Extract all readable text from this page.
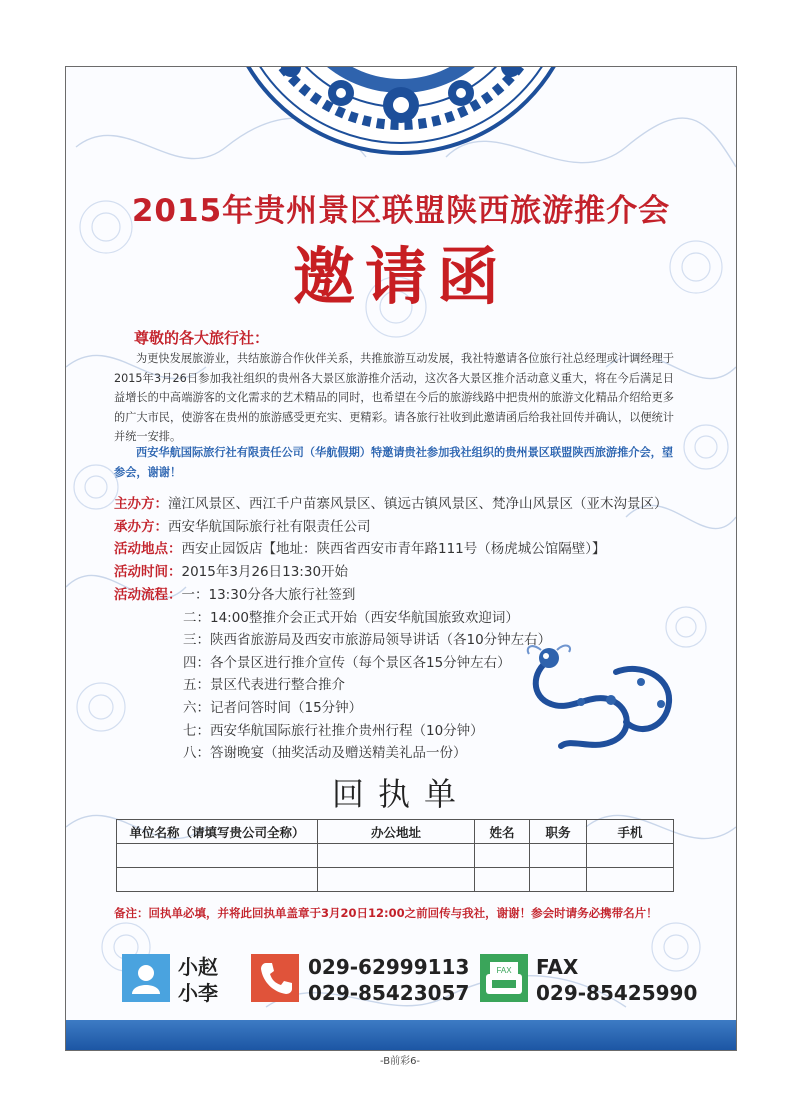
2015年贵州景区联盟陕西旅游推介会
邀请函
尊敬的各大旅行社：
为更快发展旅游业，共结旅游合作伙伴关系，共推旅游互动发展，我社特邀请各位旅行社总经理或计调经理于2015年3月26日参加我社组织的贵州各大景区旅游推介活动，这次各大景区推介活动意义重大，将在今后满足日益增长的中高端游客的文化需求的艺术精品的同时，也希望在今后的旅游线路中把贵州的旅游文化精品介绍给更多的广大市民，使游客在贵州的旅游感受更充实、更精彩。请各旅行社收到此邀请函后给我社回传并确认，以便统计并统一安排。
西安华航国际旅行社有限责任公司（华航假期）特邀请贵社参加我社组织的贵州景区联盟陕西旅游推介会，望参会，谢谢！
主办方：潼江风景区、西江千户苗寨风景区、镇远古镇风景区、梵净山风景区（亚木沟景区）
承办方：西安华航国际旅行社有限责任公司
活动地点：西安止园饭店【地址：陕西省西安市青年路111号（杨虎城公馆隔壁）】
活动时间：2015年3月26日13:30开始
活动流程：一：13:30分各大旅行社签到
二：14:00整推介会正式开始（西安华航国旅致欢迎词）
三：陕西省旅游局及西安市旅游局领导讲话（各10分钟左右）
四：各个景区进行推介宣传（每个景区各15分钟左右）
五：景区代表进行整合推介
六：记者问答时间（15分钟）
七：西安华航国际旅行社推介贵州行程（10分钟）
八：答谢晚宴（抽奖活动及赠送精美礼品一份）
回执单
单位名称（请填写贵公司全称）	办公地址	姓名	职务	手机

备注：回执单必填，并将此回执单盖章于3月20日12:00之前回传与我社，谢谢！参会时请务必携带名片！
小赵
小李
029-62999113
029-85423057
FAX FAX
029-85425990
-B前彩6-
